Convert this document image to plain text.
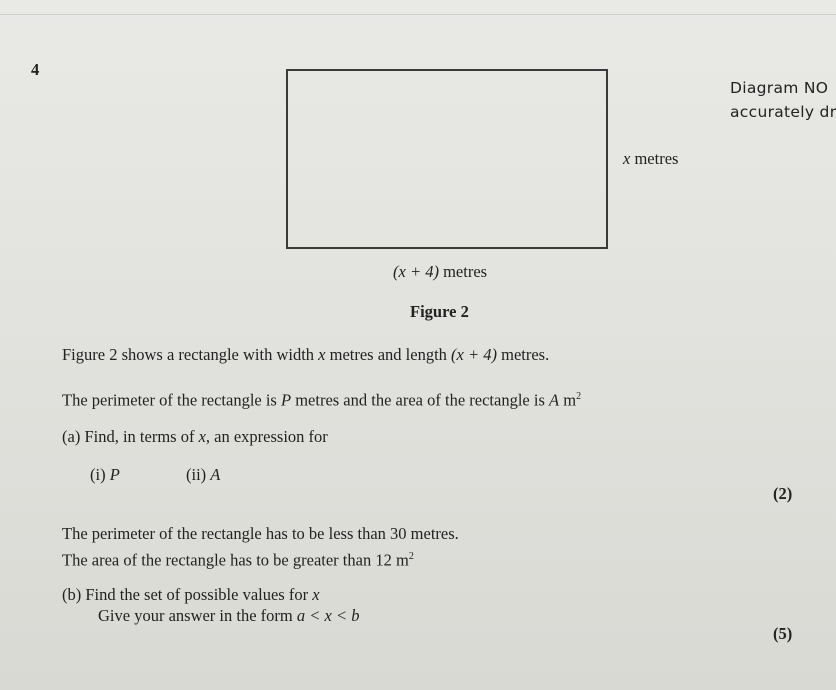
4
Diagram NO
accurately dr
x metres
(x + 4) metres
Figure 2
Figure 2 shows a rectangle with width x metres and length (x + 4) metres.
The perimeter of the rectangle is P metres and the area of the rectangle is A $m^2$
(a) Find, in terms of x, an expression for
(i) P	(ii) A
(2)
The perimeter of the rectangle has to be less than 30 metres.
The area of the rectangle has to be greater than 12 $m^2$
(b) Find the set of possible values for x
Give your answer in the form a < x < b
(5)
